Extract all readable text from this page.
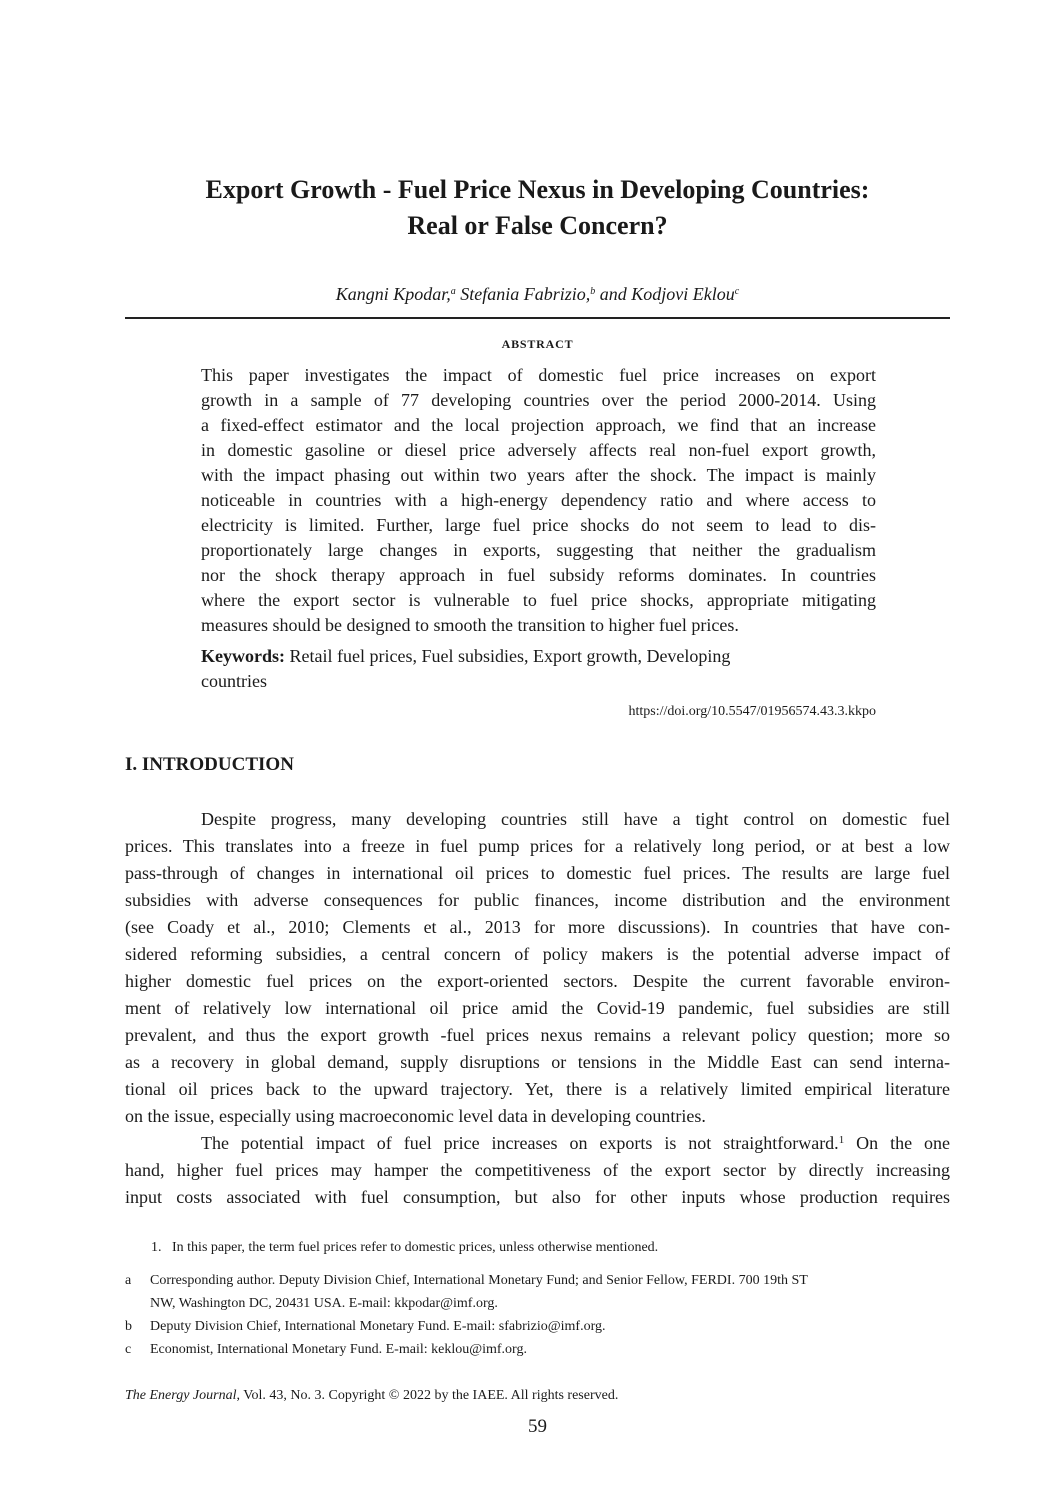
Export Growth - Fuel Price Nexus in Developing Countries:
Real or False Concern?
Kangni Kpodar,$^a$ Stefania Fabrizio,$^b$ and Kodjovi Eklou$^c$
ABSTRACT

This paper investigates the impact of domestic fuel price increases on export
growth in a sample of 77 developing countries over the period 2000-2014. Using
a fixed-effect estimator and the local projection approach, we find that an increase
in domestic gasoline or diesel price adversely affects real non-fuel export growth,
with the impact phasing out within two years after the shock. The impact is mainly
noticeable in countries with a high-energy dependency ratio and where access to
electricity is limited. Further, large fuel price shocks do not seem to lead to dis-
proportionately large changes in exports, suggesting that neither the gradualism
nor the shock therapy approach in fuel subsidy reforms dominates. In countries
where the export sector is vulnerable to fuel price shocks, appropriate mitigating
measures should be designed to smooth the transition to higher fuel prices.

Keywords: Retail fuel prices, Fuel subsidies, Export growth, Developing
countries
https://doi.org/10.5547/01956574.43.3.kkpo
I. INTRODUCTION
Despite progress, many developing countries still have a tight control on domestic fuel
prices. This translates into a freeze in fuel pump prices for a relatively long period, or at best a low
pass-through of changes in international oil prices to domestic fuel prices. The results are large fuel
subsidies with adverse consequences for public finances, income distribution and the environment
(see Coady et al., 2010; Clements et al., 2013 for more discussions). In countries that have con-
sidered reforming subsidies, a central concern of policy makers is the potential adverse impact of
higher domestic fuel prices on the export-oriented sectors. Despite the current favorable environ-
ment of relatively low international oil price amid the Covid-19 pandemic, fuel subsidies are still
prevalent, and thus the export growth -fuel prices nexus remains a relevant policy question; more so
as a recovery in global demand, supply disruptions or tensions in the Middle East can send interna-
tional oil prices back to the upward trajectory. Yet, there is a relatively limited empirical literature
on the issue, especially using macroeconomic level data in developing countries.
The potential impact of fuel price increases on exports is not straightforward.$^1$ On the one
hand, higher fuel prices may hamper the competitiveness of the export sector by directly increasing
input costs associated with fuel consumption, but also for other inputs whose production requires
1. In this paper, the term fuel prices refer to domestic prices, unless otherwise mentioned.
a	Corresponding author. Deputy Division Chief, International Monetary Fund; and Senior Fellow, FERDI. 700 19th ST
NW, Washington DC, 20431 USA. E-mail: kkpodar@imf.org.
b	Deputy Division Chief, International Monetary Fund. E-mail: sfabrizio@imf.org.
c	Economist, International Monetary Fund. E-mail: keklou@imf.org.
The Energy Journal, Vol. 43, No. 3. Copyright © 2022 by the IAEE. All rights reserved.
59
